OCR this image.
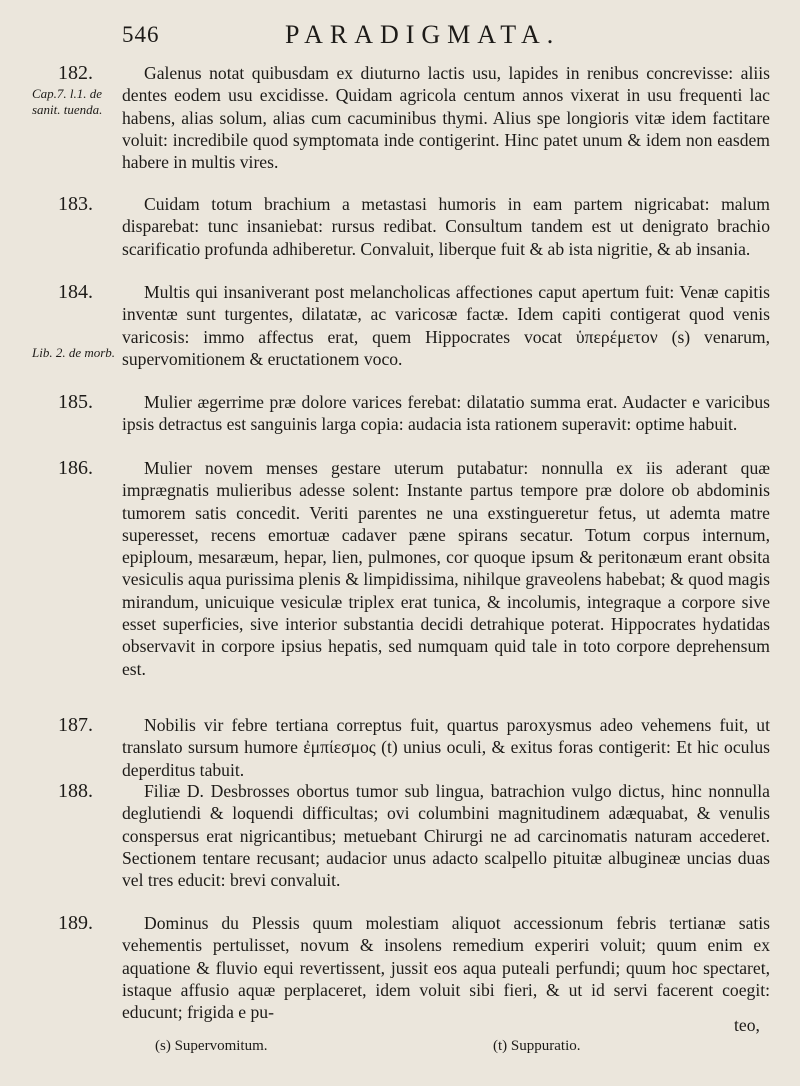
546	PARADIGMATA.
182.
Cap.7. l.1. de sanit. tuenda.

Galenus notat quibusdam ex diuturno lactis usu, lapides in renibus concrevisse: aliis dentes eodem usu excidisse. Quidam agricola centum annos vixerat in usu frequenti lac habens, alias solum, alias cum cacuminibus thymi. Alius spe longioris vitæ idem factitare voluit: incredibile quod symptomata inde contigerint. Hinc patet unum & idem non easdem habere in multis vires.

183.	Cuidam totum brachium a metastasi humoris in eam partem nigricabat: malum disparebat: tunc insaniebat: rursus redibat. Consultum tandem est ut denigrato brachio scarificatio profunda adhiberetur. Convaluit, liberque fuit & ab ista nigritie, & ab insania.

184.
Lib. 2. de morb.

Multis qui insaniverant post melancholicas affectiones caput apertum fuit: Venæ capitis inventæ sunt turgentes, dilatatæ, ac varicosæ factæ. Idem capiti contigerat quod venis varicosis: immo affectus erat, quem Hippocrates vocat ὑπερέμετον (s) venarum, supervomitionem & eructationem voco.

185.	Mulier ægerrime præ dolore varices ferebat: dilatatio summa erat. Audacter e varicibus ipsis detractus est sanguinis larga copia: audacia ista rationem superavit: optime habuit.

186.	Mulier novem menses gestare uterum putabatur: nonnulla ex iis aderant quæ imprægnatis mulieribus adesse solent: Instante partus tempore præ dolore ob abdominis tumorem satis concedit. Veriti parentes ne una exstingueretur fetus, ut ademta matre superesset, recens emortuæ cadaver pæne spirans secatur. Totum corpus internum, epiploum, mesaræum, hepar, lien, pulmones, cor quoque ipsum & peritonæum erant obsita vesiculis aqua purissima plenis & limpidissima, nihilque graveolens habebat; & quod magis mirandum, unicuique vesiculæ triplex erat tunica, & incolumis, integraque a corpore sive esset superficies, sive interior substantia decidi detrahique poterat. Hippocrates hydatidas observavit in corpore ipsius hepatis, sed numquam quid tale in toto corpore deprehensum est.

187.	Nobilis vir febre tertiana correptus fuit, quartus paroxysmus adeo vehemens fuit, ut translato sursum humore ἐμπίεσμος (t) unius oculi, & exitus foras contigerit: Et hic oculus deperditus tabuit.

188.	Filiæ D. Desbrosses obortus tumor sub lingua, batrachion vulgo dictus, hinc nonnulla deglutiendi & loquendi difficultas; ovi columbini magnitudinem adæquabat, & venulis conspersus erat nigricantibus; metuebant Chirurgi ne ad carcinomatis naturam accederet. Sectionem tentare recusant; audacior unus adacto scalpello pituitæ albugineæ uncias duas vel tres educit: brevi convaluit.

189.	Dominus du Plessis quum molestiam aliquot accessionum febris tertianæ satis vehementis pertulisset, novum & insolens remedium experiri voluit; quum enim ex aquatione & fluvio equi revertissent, jussit eos aqua puteali perfundi; quum hoc spectaret, istaque affusio aquæ perplaceret, idem voluit sibi fieri, & ut id servi facerent coegit: educunt; frigida e pu-

teo,
(s) Supervomitum.	(t) Suppuratio.
